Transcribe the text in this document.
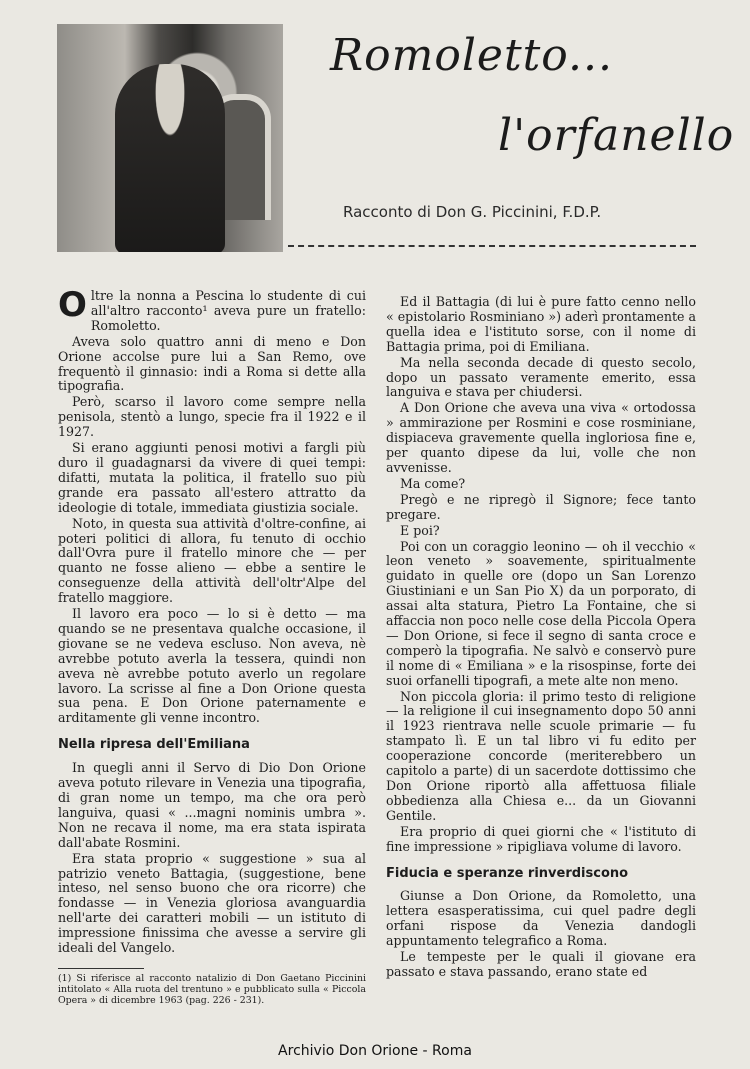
Romoletto...
l'orfanello
Racconto di Don G. Piccinini, F.D.P.

Oltre la nonna a Pescina lo studente di cui all'altro racconto¹ aveva pure un fratello: Romoletto.

Aveva solo quattro anni di meno e Don Orione accolse pure lui a San Remo, ove frequentò il ginnasio: indi a Roma si dette alla tipografia.

Però, scarso il lavoro come sempre nella penisola, stentò a lungo, specie fra il 1922 e il 1927.

Si erano aggiunti penosi motivi a fargli più duro il guadagnarsi da vivere di quei tempi: difatti, mutata la politica, il fratello suo più grande era passato all'estero attratto da ideologie di totale, immediata giustizia sociale.

Noto, in questa sua attività d'oltre-confine, ai poteri politici di allora, fu tenuto di occhio dall'Ovra pure il fratello minore che — per quanto ne fosse alieno — ebbe a sentire le conseguenze della attività dell'oltr'Alpe del fratello maggiore.

Il lavoro era poco — lo si è detto — ma quando se ne presentava qualche occasione, il giovane se ne vedeva escluso. Non aveva, nè avrebbe potuto averla la tessera, quindi non aveva nè avrebbe potuto averlo un regolare lavoro. La scrisse al fine a Don Orione questa sua pena. E Don Orione paternamente e arditamente gli venne incontro.

Nella ripresa dell'Emiliana

In quegli anni il Servo di Dio Don Orione aveva potuto rilevare in Venezia una tipografia, di gran nome un tempo, ma che ora però languiva, quasi « ...magni nominis umbra ». Non ne recava il nome, ma era stata ispirata dall'abate Rosmini.

Era stata proprio « suggestione » sua al patrizio veneto Battagia, (suggestione, bene inteso, nel senso buono che ora ricorre) che fondasse — in Venezia gloriosa avanguardia nell'arte dei caratteri mobili — un istituto di impressione finissima che avesse a servire gli ideali del Vangelo.

(1) Si riferisce al racconto natalizio di Don Gaetano Piccinini intitolato « Alla ruota del trentuno » e pubblicato sulla « Piccola Opera » di dicembre 1963 (pag. 226 - 231).

Ed il Battagia (di lui è pure fatto cenno nello « epistolario Rosminiano ») aderì prontamente a quella idea e l'istituto sorse, con il nome di Battagia prima, poi di Emiliana.

Ma nella seconda decade di questo secolo, dopo un passato veramente emerito, essa languiva e stava per chiudersi.

A Don Orione che aveva una viva « ortodossa » ammirazione per Rosmini e cose rosminiane, dispiaceva gravemente quella ingloriosa fine e, per quanto dipese da lui, volle che non avvenisse.

Ma come?

Pregò e ne ripregò il Signore; fece tanto pregare.

E poi?

Poi con un coraggio leonino — oh il vecchio « leon veneto » soavemente, spiritualmente guidato in quelle ore (dopo un San Lorenzo Giustiniani e un San Pio X) da un porporato, di assai alta statura, Pietro La Fontaine, che si affaccia non poco nelle cose della Piccola Opera — Don Orione, si fece il segno di santa croce e comperò la tipografia. Ne salvò e conservò pure il nome di « Emiliana » e la risospinse, forte dei suoi orfanelli tipografi, a mete alte non meno.

Non piccola gloria: il primo testo di religione — la religione il cui insegnamento dopo 50 anni il 1923 rientrava nelle scuole primarie — fu stampato lì. E un tal libro vi fu edito per cooperazione concorde (meriterebbero un capitolo a parte) di un sacerdote dottissimo che Don Orione riportò alla affettuosa filiale obbedienza alla Chiesa e... da un Giovanni Gentile.

Era proprio di quei giorni che « l'istituto di fine impressione » ripigliava volume di lavoro.

Fiducia e speranze rinverdiscono

Giunse a Don Orione, da Romoletto, una lettera esasperatissima, cui quel padre degli orfani rispose da Venezia dandogli appuntamento telegrafico a Roma.

Le tempeste per le quali il giovane era passato e stava passando, erano state ed

Archivio Don Orione - Roma
